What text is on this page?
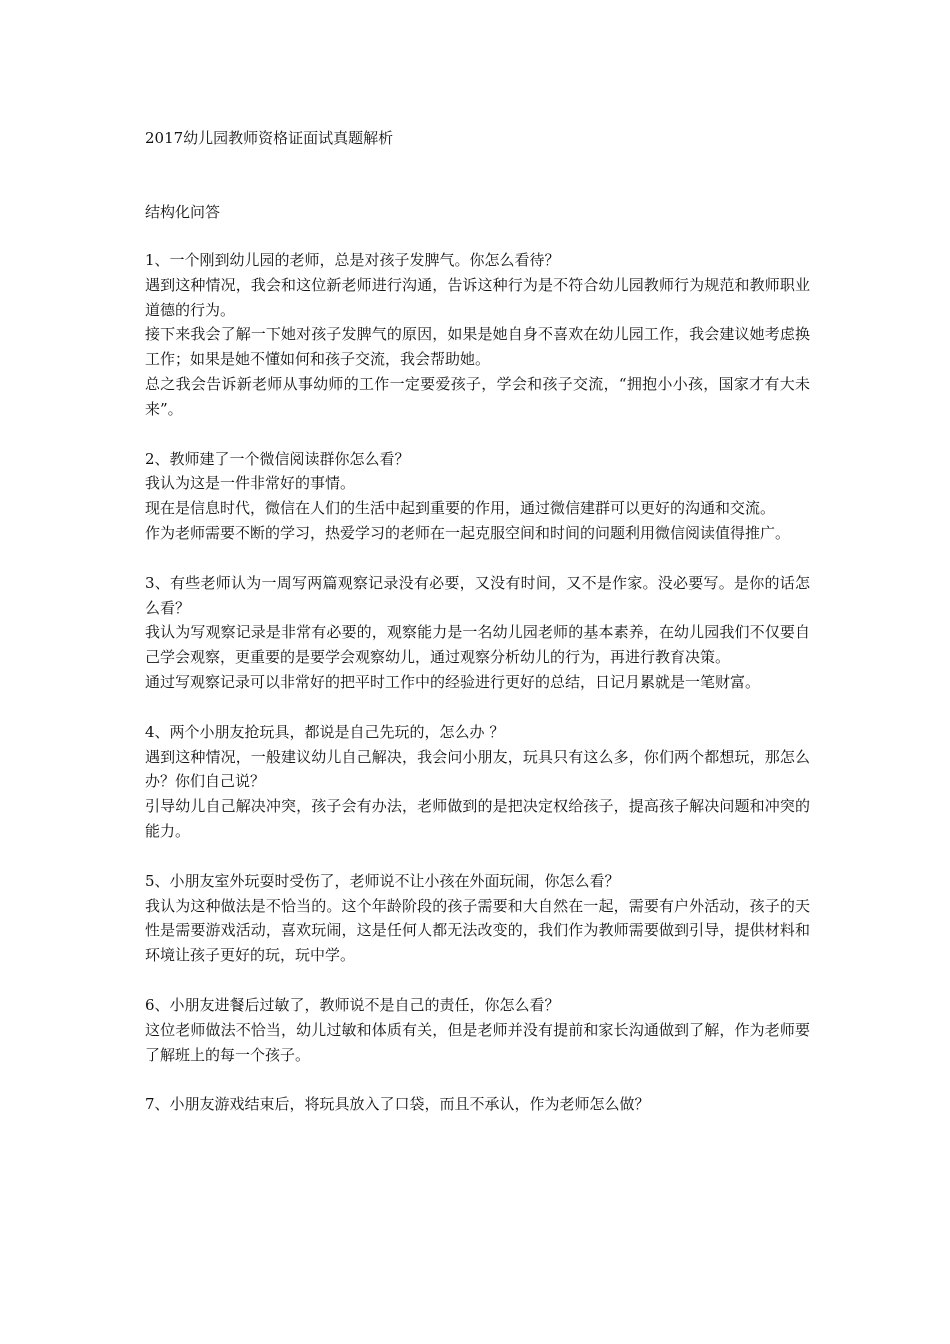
2017幼儿园教师资格证面试真题解析
结构化问答

1、一个刚到幼儿园的老师，总是对孩子发脾气。你怎么看待？

遇到这种情况，我会和这位新老师进行沟通，告诉这种行为是不符合幼儿园教师行为规范和教师职业道德的行为。

接下来我会了解一下她对孩子发脾气的原因，如果是她自身不喜欢在幼儿园工作，我会建议她考虑换工作；如果是她不懂如何和孩子交流，我会帮助她。

总之我会告诉新老师从事幼师的工作一定要爱孩子，学会和孩子交流，“拥抱小小孩，国家才有大未来”。

2、教师建了一个微信阅读群你怎么看？

我认为这是一件非常好的事情。

现在是信息时代，微信在人们的生活中起到重要的作用，通过微信建群可以更好的沟通和交流。

作为老师需要不断的学习，热爱学习的老师在一起克服空间和时间的问题利用微信阅读值得推广。

3、有些老师认为一周写两篇观察记录没有必要，又没有时间，又不是作家。没必要写。是你的话怎么看？

我认为写观察记录是非常有必要的，观察能力是一名幼儿园老师的基本素养，在幼儿园我们不仅要自己学会观察，更重要的是要学会观察幼儿，通过观察分析幼儿的行为，再进行教育决策。

通过写观察记录可以非常好的把平时工作中的经验进行更好的总结，日记月累就是一笔财富。

4、两个小朋友抢玩具，都说是自己先玩的，怎么办 ？

遇到这种情况，一般建议幼儿自己解决，我会问小朋友，玩具只有这么多，你们两个都想玩，那怎么办？你们自己说？

引导幼儿自己解决冲突，孩子会有办法，老师做到的是把决定权给孩子，提高孩子解决问题和冲突的能力。

5、小朋友室外玩耍时受伤了，老师说不让小孩在外面玩闹，你怎么看？

我认为这种做法是不恰当的。这个年龄阶段的孩子需要和大自然在一起，需要有户外活动，孩子的天性是需要游戏活动，喜欢玩闹，这是任何人都无法改变的，我们作为教师需要做到引导，提供材料和环境让孩子更好的玩，玩中学。

6、小朋友进餐后过敏了，教师说不是自己的责任，你怎么看？

这位老师做法不恰当，幼儿过敏和体质有关，但是老师并没有提前和家长沟通做到了解，作为老师要了解班上的每一个孩子。

7、小朋友游戏结束后，将玩具放入了口袋，而且不承认，作为老师怎么做？
